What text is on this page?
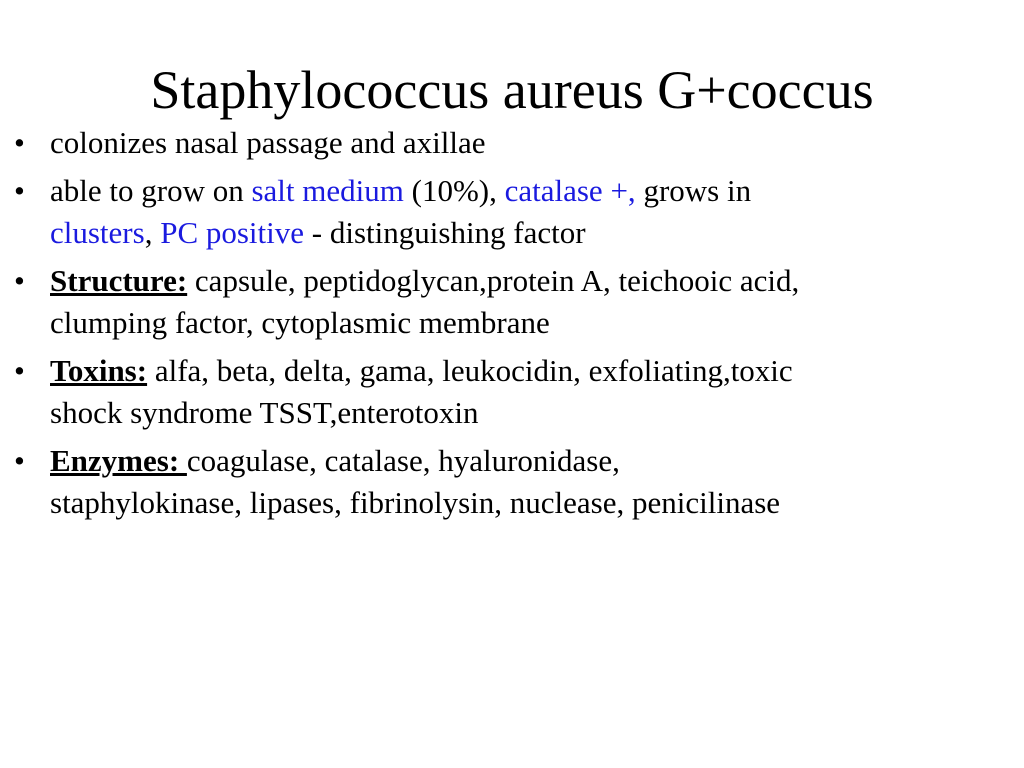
Staphylococcus aureus G+coccus
• colonizes nasal passage and axillae
• able to grow on salt medium (10%), catalase +, grows in
clusters, PC positive - distinguishing factor
• Structure: capsule, peptidoglycan,protein A, teichooic acid,
clumping factor, cytoplasmic membrane
• Toxins: alfa, beta, delta, gama, leukocidin, exfoliating,toxic
shock syndrome TSST,enterotoxin
• Enzymes: coagulase, catalase, hyaluronidase,
staphylokinase, lipases, fibrinolysin, nuclease, penicilinase
